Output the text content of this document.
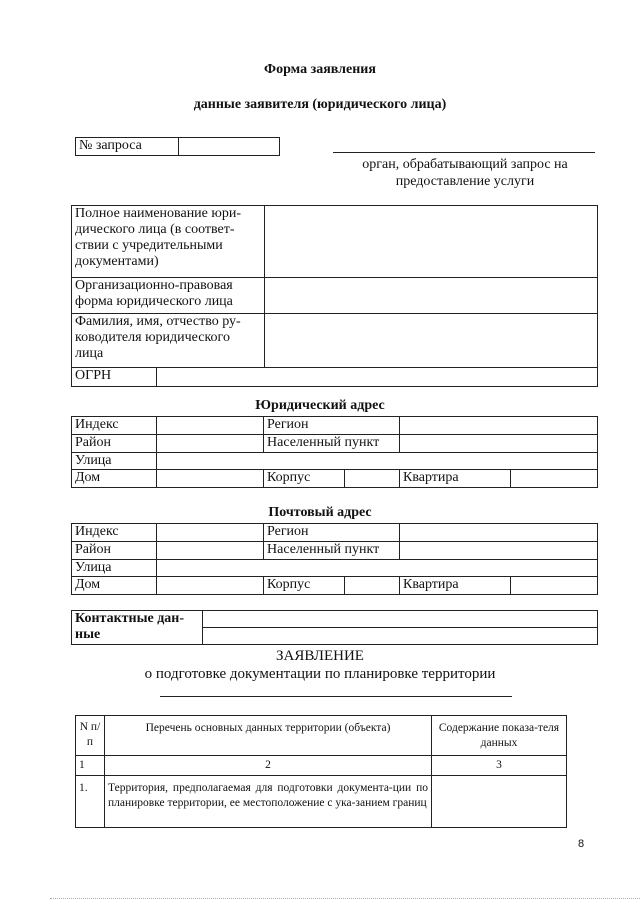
Форма заявления
данные заявителя (юридического лица)
№ запроса	
орган, обрабатывающий запрос на предоставление услуги
Полное наименование юри-дического лица (в соответ-ствии с учредительными документами)	
Организационно-правовая форма юридического лица	
Фамилия, имя, отчество ру-ководителя юридического лица	

ОГРН	
Юридический адрес
Индекс		Регион			
Район		Населенный пункт			
Улица					
Дом		Корпус		Квартира	
Почтовый адрес
Индекс		Регион			
Район		Населенный пункт			
Улица					
Дом		Корпус		Квартира	
Контактные дан-ные	

ЗАЯВЛЕНИЕ
о подготовке документации по планировке территории
N п/п	Перечень основных данных территории (объекта)	Содержание показа-теля данных
1	2	3
1.	Территория, предполагаемая для подготовки документа-ции по планировке территории, ее местоположение с ука-занием границ	
8
